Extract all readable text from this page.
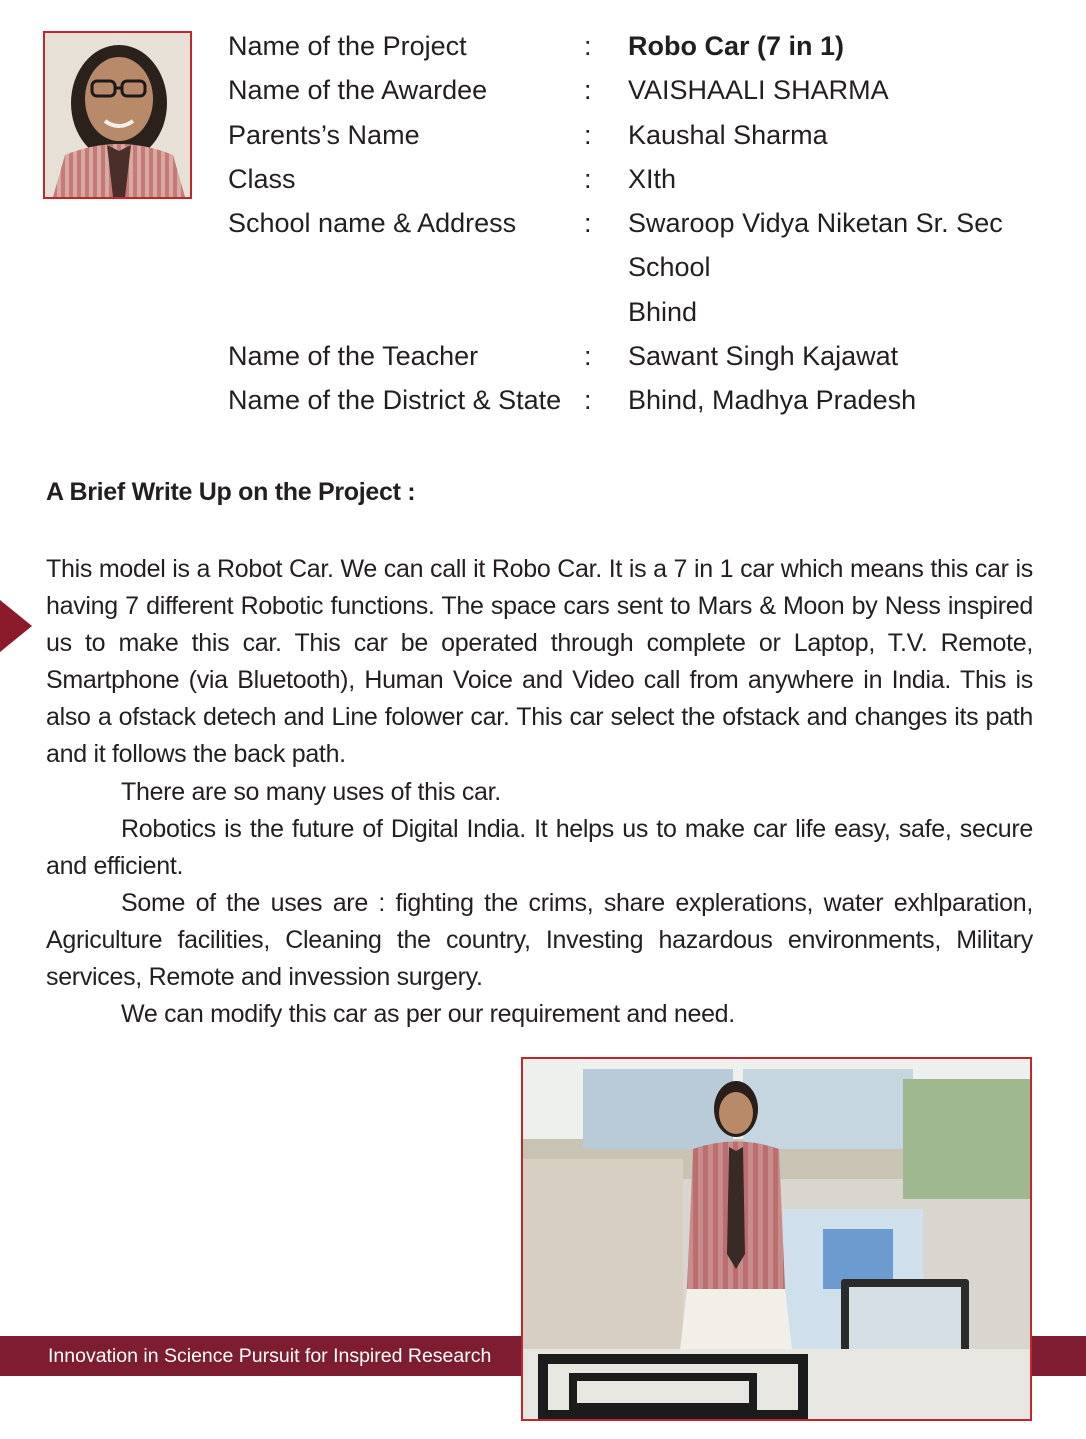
Name of the Project	:	Robo Car (7 in 1)
Name of the Awardee	:	VAISHAALI SHARMA
Parents’s Name	:	Kaushal Sharma
Class	:	XIth
School name & Address	:	Swaroop Vidya Niketan Sr. Sec School
Bhind
Name of the Teacher	:	Sawant Singh Kajawat
Name of the District & State :	Bhind, Madhya Pradesh
A Brief Write Up on the Project :

This model is a Robot Car. We can call it Robo Car. It is a 7 in 1 car which means this car is having 7 different Robotic functions. The space cars sent to Mars & Moon by Ness inspired us to make this car. This car be operated through complete or Laptop, T.V. Remote, Smartphone (via Bluetooth), Human Voice and Video call from anywhere in India. This is also a ofstack detech and Line folower car. This car select the ofstack and changes its path and it follows the back path.

There are so many uses of this car.

Robotics is the future of Digital India. It helps us to make car life easy, safe, secure and efficient.

Some of the uses are : fighting the crims, share explerations, water exhlparation, Agriculture facilities, Cleaning the country, Investing hazardous environments, Military services, Remote and invession surgery.

We can modify this car as per our requirement and need.

Innovation in Science Pursuit for Inspired Research
